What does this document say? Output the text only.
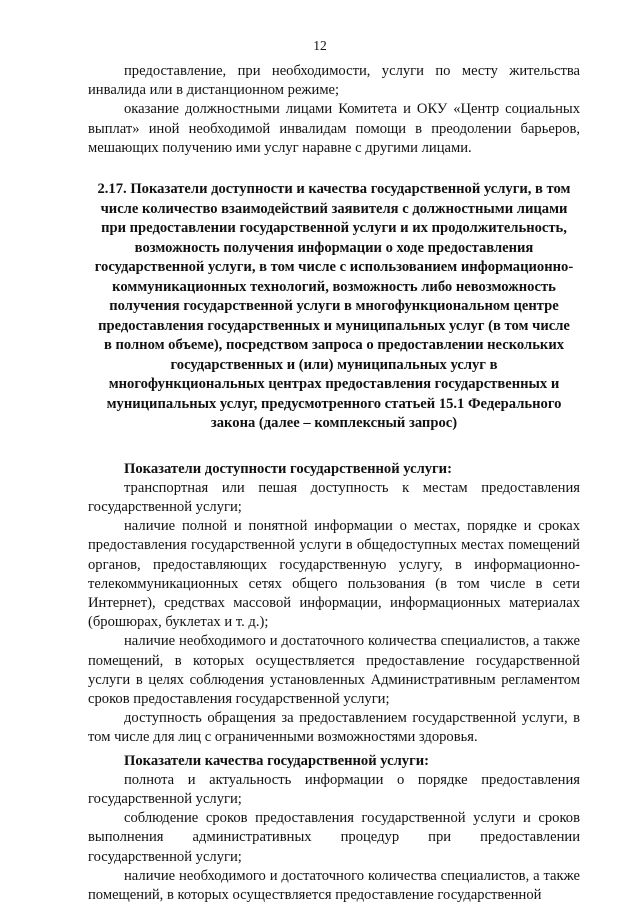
12

предоставление, при необходимости, услуги по месту жительства инвалида или в дистанционном режиме;

оказание должностными лицами Комитета и ОКУ «Центр социальных выплат» иной необходимой инвалидам помощи в преодолении барьеров, мешающих получению ими услуг наравне с другими лицами.

2.17. Показатели доступности и качества государственной услуги, в том числе количество взаимодействий заявителя с должностными лицами при предоставлении государственной услуги и их продолжительность, возможность получения информации о ходе предоставления государственной услуги, в том числе с использованием информационно-коммуникационных технологий, возможность либо невозможность получения государственной услуги в многофункциональном центре предоставления государственных и муниципальных услуг (в том числе в полном объеме), посредством запроса о предоставлении нескольких государственных и (или) муниципальных услуг в многофункциональных центрах предоставления государственных и муниципальных услуг, предусмотренного статьей 15.1 Федерального закона (далее – комплексный запрос)
Показатели доступности государственной услуги:

транспортная или пешая доступность к местам предоставления государственной услуги;

наличие полной и понятной информации о местах, порядке и сроках предоставления государственной услуги в общедоступных местах помещений органов, предоставляющих государственную услугу, в информационно-телекоммуникационных сетях общего пользования (в том числе в сети Интернет), средствах массовой информации, информационных материалах (брошюрах, буклетах и т. д.);

наличие необходимого и достаточного количества специалистов, а также помещений, в которых осуществляется предоставление государственной услуги в целях соблюдения установленных Административным регламентом сроков предоставления государственной услуги;

доступность обращения за предоставлением государственной услуги, в том числе для лиц с ограниченными возможностями здоровья.

Показатели качества государственной услуги:

полнота и актуальность информации о порядке предоставления государственной услуги;

соблюдение сроков предоставления государственной услуги и сроков выполнения административных процедур при предоставлении государственной услуги;

наличие необходимого и достаточного количества специалистов, а также помещений, в которых осуществляется предоставление государственной
